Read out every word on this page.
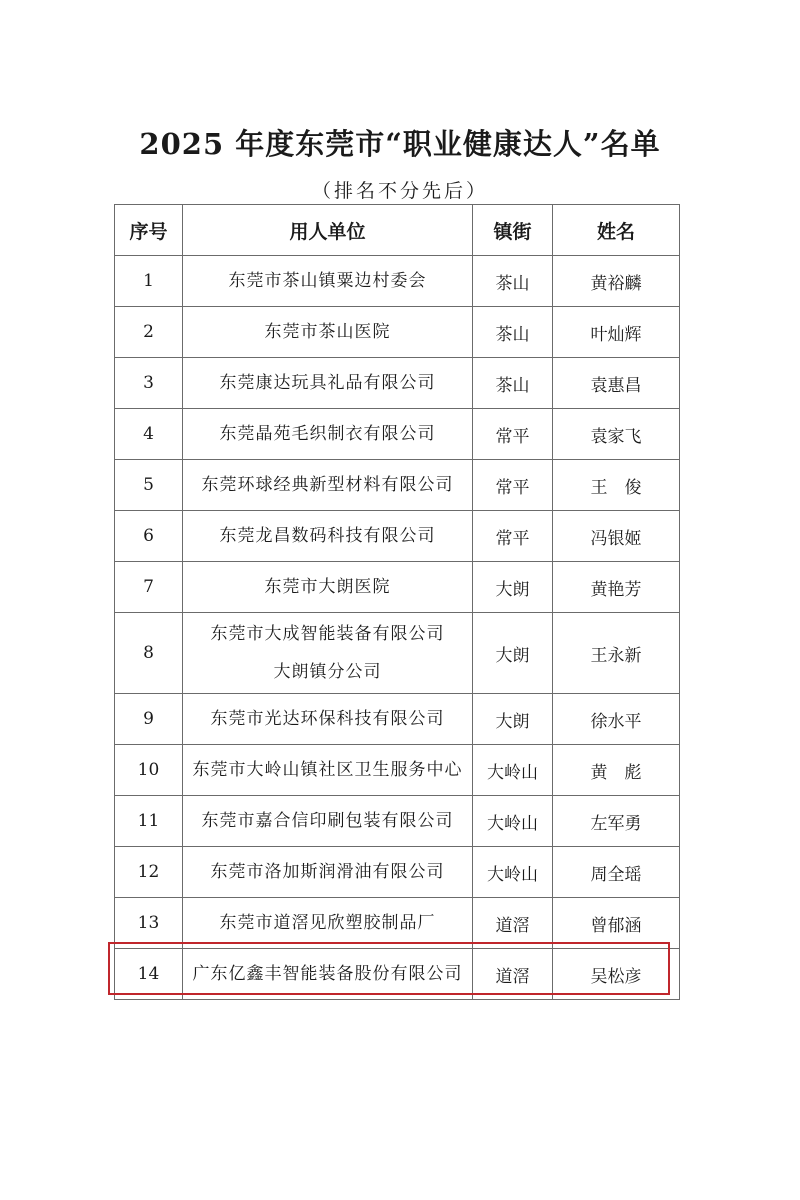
2025 年度东莞市“职业健康达人”名单
（排名不分先后）
序号	用人单位	镇街	姓名
1	东莞市茶山镇粟边村委会	茶山	黄裕麟
2	东莞市茶山医院	茶山	叶灿辉
3	东莞康达玩具礼品有限公司	茶山	袁惠昌
4	东莞晶苑毛织制衣有限公司	常平	袁家飞
5	东莞环球经典新型材料有限公司	常平	王　俊
6	东莞龙昌数码科技有限公司	常平	冯银姬
7	东莞市大朗医院	大朗	黄艳芳
8	东莞市大成智能装备有限公司
大朗镇分公司	大朗	王永新
9	东莞市光达环保科技有限公司	大朗	徐水平
10	东莞市大岭山镇社区卫生服务中心	大岭山	黄　彪
11	东莞市嘉合信印刷包装有限公司	大岭山	左军勇
12	东莞市洛加斯润滑油有限公司	大岭山	周全瑶
13	东莞市道滘见欣塑胶制品厂	道滘	曾郁涵
14	广东亿鑫丰智能装备股份有限公司	道滘	吴松彦
